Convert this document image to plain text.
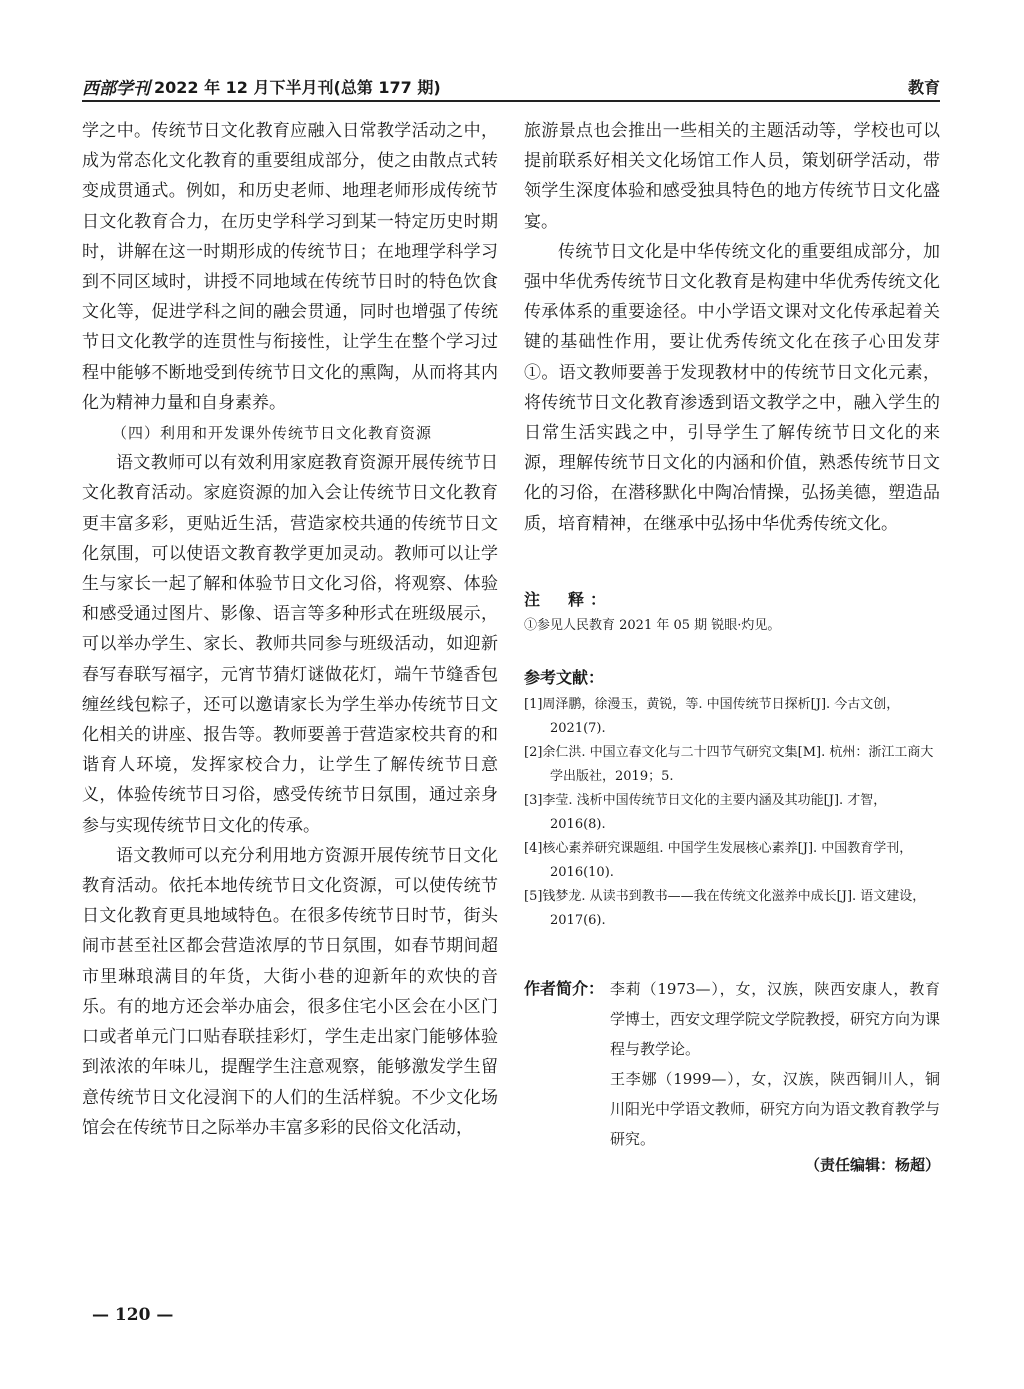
西部学刊 2022 年 12 月下半月刊(总第 177 期)	教育

学之中。传统节日文化教育应融入日常教学活动之中，成为常态化文化教育的重要组成部分，使之由散点式转变成贯通式。例如，和历史老师、地理老师形成传统节日文化教育合力，在历史学科学习到某一特定历史时期时，讲解在这一时期形成的传统节日；在地理学科学习到不同区域时，讲授不同地域在传统节日时的特色饮食文化等，促进学科之间的融会贯通，同时也增强了传统节日文化教学的连贯性与衔接性，让学生在整个学习过程中能够不断地受到传统节日文化的熏陶，从而将其内化为精神力量和自身素养。

（四）利用和开发课外传统节日文化教育资源

语文教师可以有效利用家庭教育资源开展传统节日文化教育活动。家庭资源的加入会让传统节日文化教育更丰富多彩，更贴近生活，营造家校共通的传统节日文化氛围，可以使语文教育教学更加灵动。教师可以让学生与家长一起了解和体验节日文化习俗，将观察、体验和感受通过图片、影像、语言等多种形式在班级展示，可以举办学生、家长、教师共同参与班级活动，如迎新春写春联写福字，元宵节猜灯谜做花灯，端午节缝香包缠丝线包粽子，还可以邀请家长为学生举办传统节日文化相关的讲座、报告等。教师要善于营造家校共育的和谐育人环境，发挥家校合力，让学生了解传统节日意义，体验传统节日习俗，感受传统节日氛围，通过亲身参与实现传统节日文化的传承。

语文教师可以充分利用地方资源开展传统节日文化教育活动。依托本地传统节日文化资源，可以使传统节日文化教育更具地域特色。在很多传统节日时节，街头闹市甚至社区都会营造浓厚的节日氛围，如春节期间超市里琳琅满目的年货，大街小巷的迎新年的欢快的音乐。有的地方还会举办庙会，很多住宅小区会在小区门口或者单元门口贴春联挂彩灯，学生走出家门能够体验到浓浓的年味儿，提醒学生注意观察，能够激发学生留意传统节日文化浸润下的人们的生活样貌。不少文化场馆会在传统节日之际举办丰富多彩的民俗文化活动，

旅游景点也会推出一些相关的主题活动等，学校也可以提前联系好相关文化场馆工作人员，策划研学活动，带领学生深度体验和感受独具特色的地方传统节日文化盛宴。

传统节日文化是中华传统文化的重要组成部分，加强中华优秀传统节日文化教育是构建中华优秀传统文化传承体系的重要途径。中小学语文课对文化传承起着关键的基础性作用，要让优秀传统文化在孩子心田发芽①。语文教师要善于发现教材中的传统节日文化元素，将传统节日文化教育渗透到语文教学之中，融入学生的日常生活实践之中，引导学生了解传统节日文化的来源，理解传统节日文化的内涵和价值，熟悉传统节日文化的习俗，在潜移默化中陶冶情操，弘扬美德，塑造品质，培育精神，在继承中弘扬中华优秀传统文化。

注　释：
①参见人民教育 2021 年 05 期 锐眼·灼见。
参考文献：

[1]周泽鹏，徐漫玉，黄锐，等. 中国传统节日探析[J]. 今古文创，2021(7).

[2]余仁洪. 中国立春文化与二十四节气研究文集[M]. 杭州：浙江工商大学出版社，2019；5.

[3]李莹. 浅析中国传统节日文化的主要内涵及其功能[J]. 才智，2016(8).

[4]核心素养研究课题组. 中国学生发展核心素养[J]. 中国教育学刊，2016(10).

[5]钱梦龙. 从读书到教书——我在传统文化滋养中成长[J]. 语文建设，2017(6).

作者简介： 李莉（1973—），女，汉族，陕西安康人，教育学博士，西安文理学院文学院教授，研究方向为课程与教学论。

王李娜（1999—），女，汉族，陕西铜川人，铜川阳光中学语文教师，研究方向为语文教育教学与研究。

（责任编辑：杨超）
— 120 —
